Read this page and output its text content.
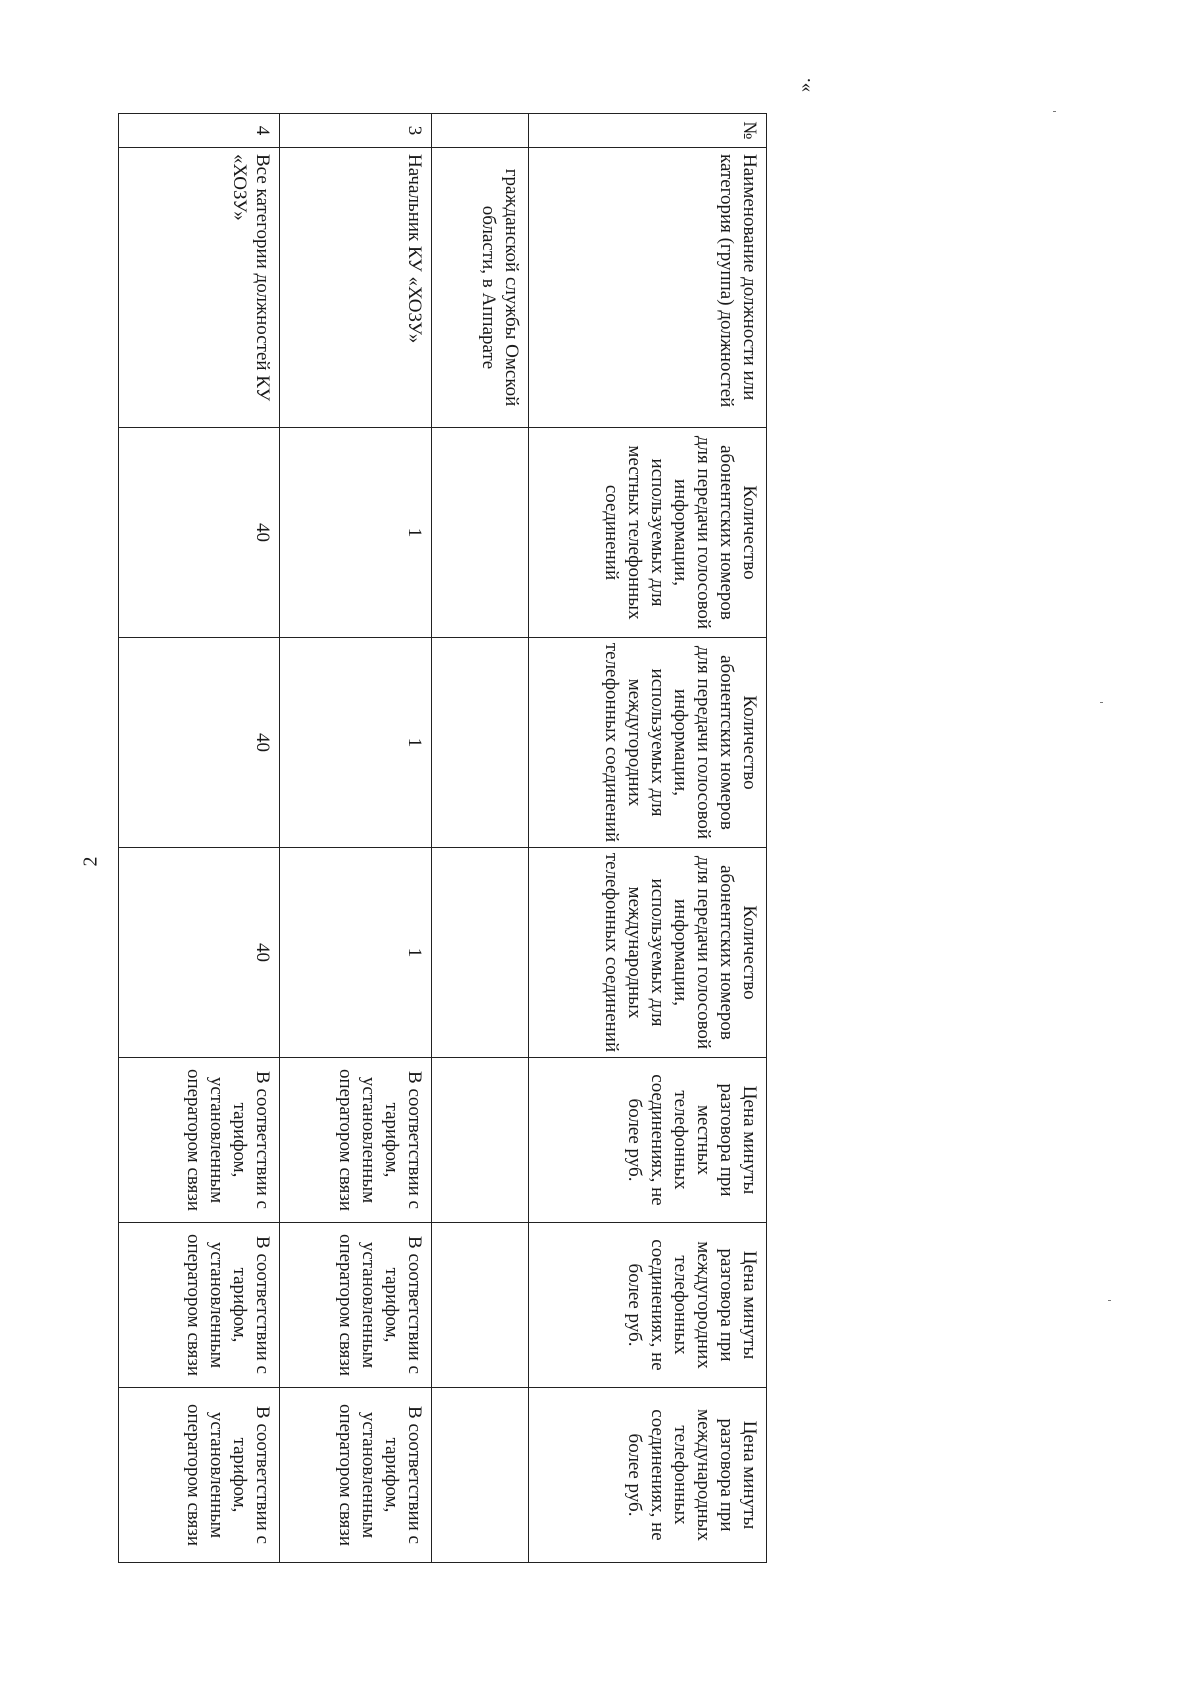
2
».
№	Наименование должности или категория (группа) должностей	Количество абонентских номеров для передачи голосовой информации, используемых для местных телефонных соединений	Количество абонентских номеров для передачи голосовой информации, используемых для междугородних телефонных соединений	Количество абонентских номеров для передачи голосовой информации, используемых для международных телефонных соединений	Цена минуты разговора при местных телефонных соединениях, не более руб.	Цена минуты разговора при междугородних телефонных соединениях, не более руб.	Цена минуты разговора при международных телефонных соединениях, не более руб.
	гражданской службы Омской области, в Аппарате						
3	Начальник КУ «ХОЗУ»	1	1	1	В соответствии с тарифом, установленным оператором связи	В соответствии с тарифом, установленным оператором связи	В соответствии с тарифом, установленным оператором связи
4	Все категории должностей КУ «ХОЗУ»	40	40	40	В соответствии с тарифом, установленным оператором связи	В соответствии с тарифом, установленным оператором связи	В соответствии с тарифом, установленным оператором связи
